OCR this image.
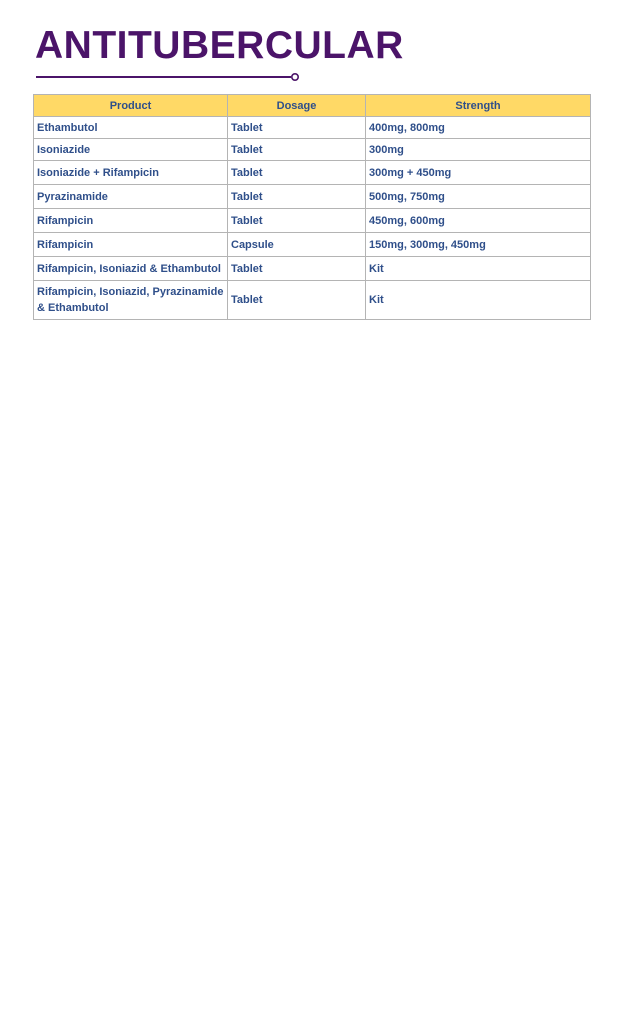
ANTITUBERCULAR
Product	Dosage	Strength
Ethambutol	Tablet	400mg, 800mg
Isoniazide	Tablet	300mg
Isoniazide + Rifampicin	Tablet	300mg + 450mg
Pyrazinamide	Tablet	500mg, 750mg
Rifampicin	Tablet	450mg, 600mg
Rifampicin	Capsule	150mg, 300mg, 450mg
Rifampicin, Isoniazid & Ethambutol	Tablet	Kit
Rifampicin, Isoniazid, Pyrazinamide & Ethambutol	Tablet	Kit
